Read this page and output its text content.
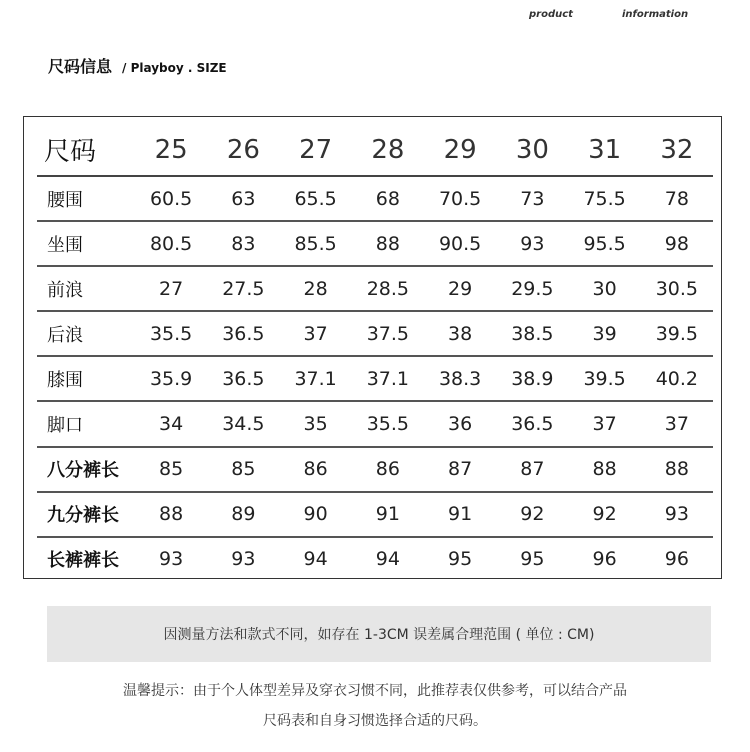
product	information
尺码信息 / Playboy . SIZE
尺码	25	26	27	28	29	30	31	32
腰围	60.5	63	65.5	68	70.5	73	75.5	78
坐围	80.5	83	85.5	88	90.5	93	95.5	98
前浪	27	27.5	28	28.5	29	29.5	30	30.5
后浪	35.5	36.5	37	37.5	38	38.5	39	39.5
膝围	35.9	36.5	37.1	37.1	38.3	38.9	39.5	40.2
脚口	34	34.5	35	35.5	36	36.5	37	37
八分裤长	85	85	86	86	87	87	88	88
九分裤长	88	89	90	91	91	92	92	93
长裤裤长	93	93	94	94	95	95	96	96
因测量方法和款式不同，如存在 1-3CM 误差属合理范围 ( 单位 : CM)
温馨提示：由于个人体型差异及穿衣习惯不同，此推荐表仅供参考，可以结合产品
尺码表和自身习惯选择合适的尺码。
